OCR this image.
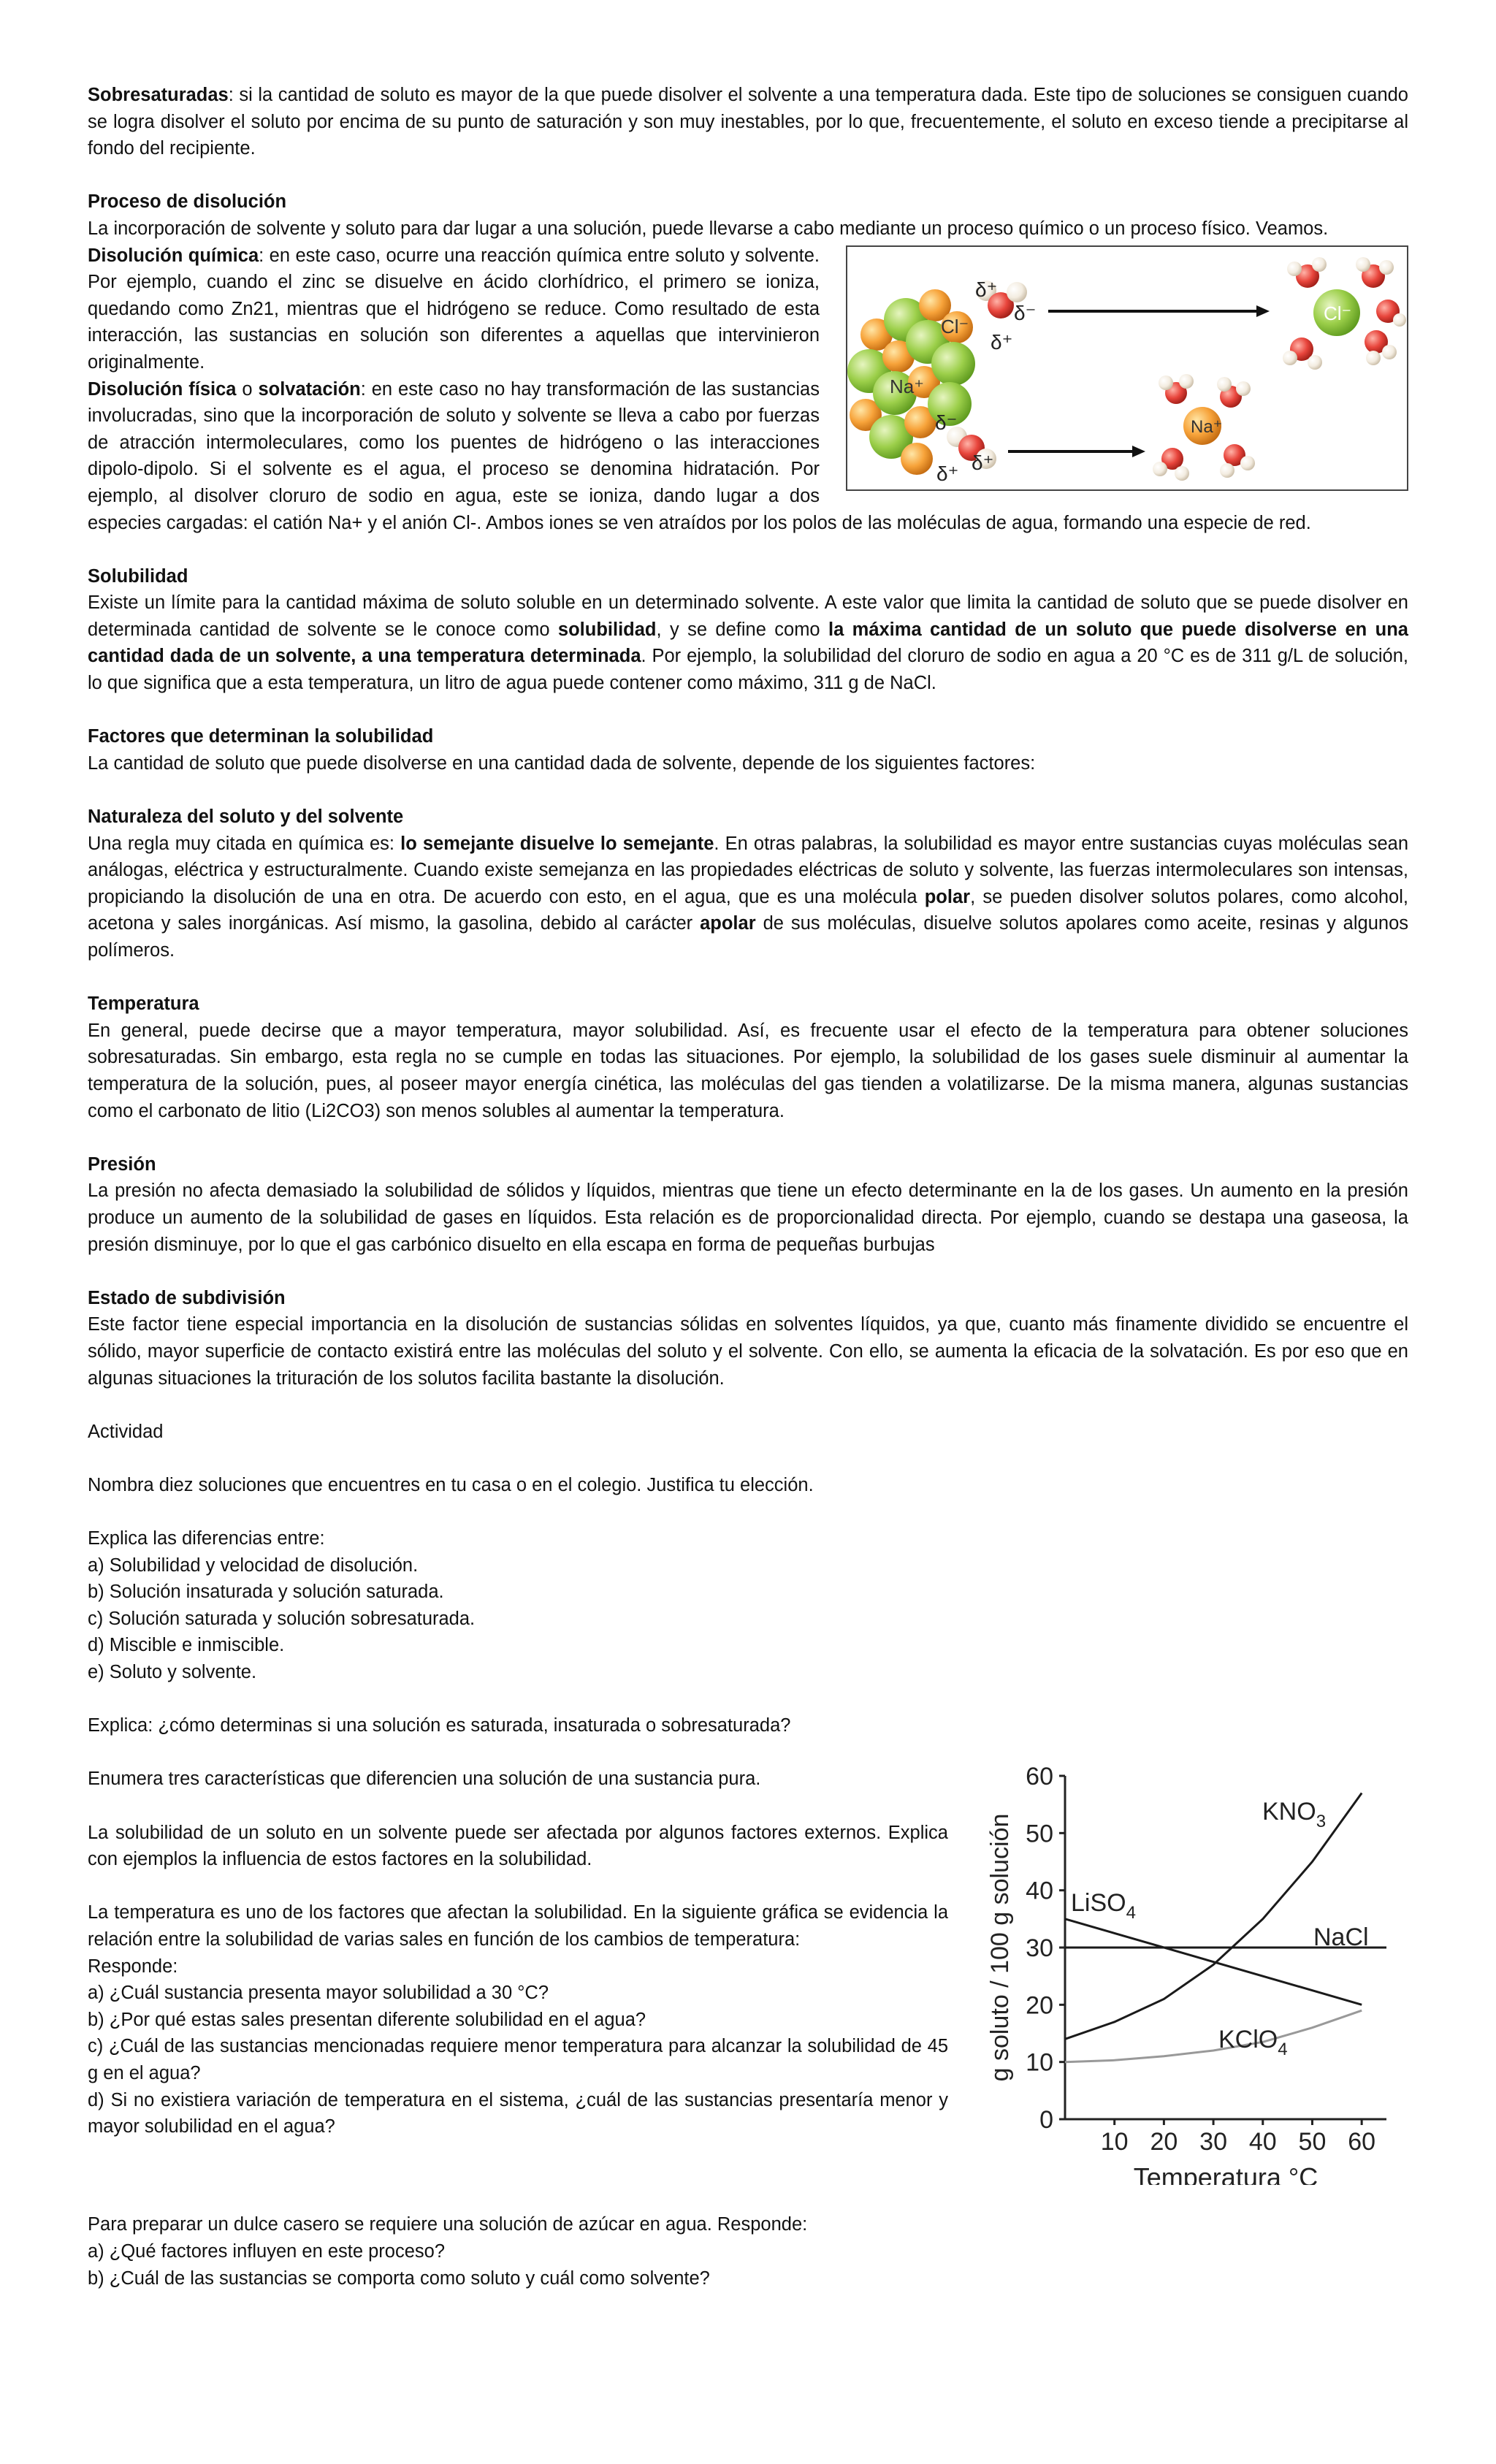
Sobresaturadas: si la cantidad de soluto es mayor de la que puede disolver el solvente a una temperatura dada. Este tipo de soluciones se consiguen cuando se logra disolver el soluto por encima de su punto de saturación y son muy inestables, por lo que, frecuentemente, el soluto en exceso tiende a precipitarse al fondo del recipiente.

Proceso de disolución

La incorporación de solvente y soluto para dar lugar a una solución, puede llevarse a cabo mediante un proceso químico o un proceso físico. Veamos.

Cl⁻
Na⁺
δ⁺
δ⁻
δ⁺
δ⁻
δ⁺
δ⁺
Cl⁻
Na⁺

Disolución química: en este caso, ocurre una reacción química entre soluto y solvente. Por ejemplo, cuando el zinc se disuelve en ácido clorhídrico, el primero se ioniza, quedando como Zn21, mientras que el hidrógeno se reduce. Como resultado de esta interacción, las sustancias en solución son diferentes a aquellas que intervinieron originalmente.

Disolución física o solvatación: en este caso no hay transformación de las sustancias involucradas, sino que la incorporación de soluto y solvente se lleva a cabo por fuerzas de atracción intermoleculares, como los puentes de hidrógeno o las interacciones dipolo-dipolo. Si el solvente es el agua, el proceso se denomina hidratación. Por ejemplo, al disolver cloruro de sodio en agua, este se ioniza, dando lugar a dos especies cargadas: el catión Na+ y el anión Cl-. Ambos iones se ven atraídos por los polos de las moléculas de agua, formando una especie de red.

Solubilidad

Existe un límite para la cantidad máxima de soluto soluble en un determinado solvente. A este valor que limita la cantidad de soluto que se puede disolver en determinada cantidad de solvente se le conoce como solubilidad, y se define como la máxima cantidad de un soluto que puede disolverse en una cantidad dada de un solvente, a una temperatura determinada. Por ejemplo, la solubilidad del cloruro de sodio en agua a 20 °C es de 311 g/L de solución, lo que significa que a esta temperatura, un litro de agua puede contener como máximo, 311 g de NaCl.

Factores que determinan la solubilidad

La cantidad de soluto que puede disolverse en una cantidad dada de solvente, depende de los siguientes factores:

Naturaleza del soluto y del solvente

Una regla muy citada en química es: lo semejante disuelve lo semejante. En otras palabras, la solubilidad es mayor entre sustancias cuyas moléculas sean análogas, eléctrica y estructuralmente. Cuando existe semejanza en las propiedades eléctricas de soluto y solvente, las fuerzas intermoleculares son intensas, propiciando la disolución de una en otra. De acuerdo con esto, en el agua, que es una molécula polar, se pueden disolver solutos polares, como alcohol, acetona y sales inorgánicas. Así mismo, la gasolina, debido al carácter apolar de sus moléculas, disuelve solutos apolares como aceite, resinas y algunos polímeros.

Temperatura

En general, puede decirse que a mayor temperatura, mayor solubilidad. Así, es frecuente usar el efecto de la temperatura para obtener soluciones sobresaturadas. Sin embargo, esta regla no se cumple en todas las situaciones. Por ejemplo, la solubilidad de los gases suele disminuir al aumentar la temperatura de la solución, pues, al poseer mayor energía cinética, las moléculas del gas tienden a volatilizarse. De la misma manera, algunas sustancias como el carbonato de litio (Li2CO3) son menos solubles al aumentar la temperatura.

Presión

La presión no afecta demasiado la solubilidad de sólidos y líquidos, mientras que tiene un efecto determinante en la de los gases. Un aumento en la presión produce un aumento de la solubilidad de gases en líquidos. Esta relación es de proporcionalidad directa. Por ejemplo, cuando se destapa una gaseosa, la presión disminuye, por lo que el gas carbónico disuelto en ella escapa en forma de pequeñas burbujas

Estado de subdivisión

Este factor tiene especial importancia en la disolución de sustancias sólidas en solventes líquidos, ya que, cuanto más finamente dividido se encuentre el sólido, mayor superficie de contacto existirá entre las moléculas del soluto y el solvente. Con ello, se aumenta la eficacia de la solvatación. Es por eso que en algunas situaciones la trituración de los solutos facilita bastante la disolución.

Actividad

Nombra diez soluciones que encuentres en tu casa o en el colegio. Justifica tu elección.

Explica las diferencias entre:

a) Solubilidad y velocidad de disolución.

b) Solución insaturada y solución saturada.

c) Solución saturada y solución sobresaturada.

d) Miscible e inmiscible.

e) Soluto y solvente.

Explica: ¿cómo determinas si una solución es saturada, insaturada o sobresaturada?

0
10
20
30
40
50
60
10 20 30 40 50 60
Temperatura °C
g soluto / 100 g solución
$KNO_3$
NaCl
LiSO$_4$
KClO$_4$

Enumera tres características que diferencien una solución de una sustancia pura.

La solubilidad de un soluto en un solvente puede ser afectada por algunos factores externos. Explica con ejemplos la influencia de estos factores en la solubilidad.

La temperatura es uno de los factores que afectan la solubilidad. En la siguiente gráfica se evidencia la relación entre la solubilidad de varias sales en función de los cambios de temperatura:

Responde:

a) ¿Cuál sustancia presenta mayor solubilidad a 30 °C?

b) ¿Por qué estas sales presentan diferente solubilidad en el agua?

c) ¿Cuál de las sustancias mencionadas requiere menor temperatura para alcanzar la solubilidad de 45 g en el agua?

d) Si no existiera variación de temperatura en el sistema, ¿cuál de las sustancias presentaría menor y mayor solubilidad en el agua?

Para preparar un dulce casero se requiere una solución de azúcar en agua. Responde:

a) ¿Qué factores influyen en este proceso?

b) ¿Cuál de las sustancias se comporta como soluto y cuál como solvente?
